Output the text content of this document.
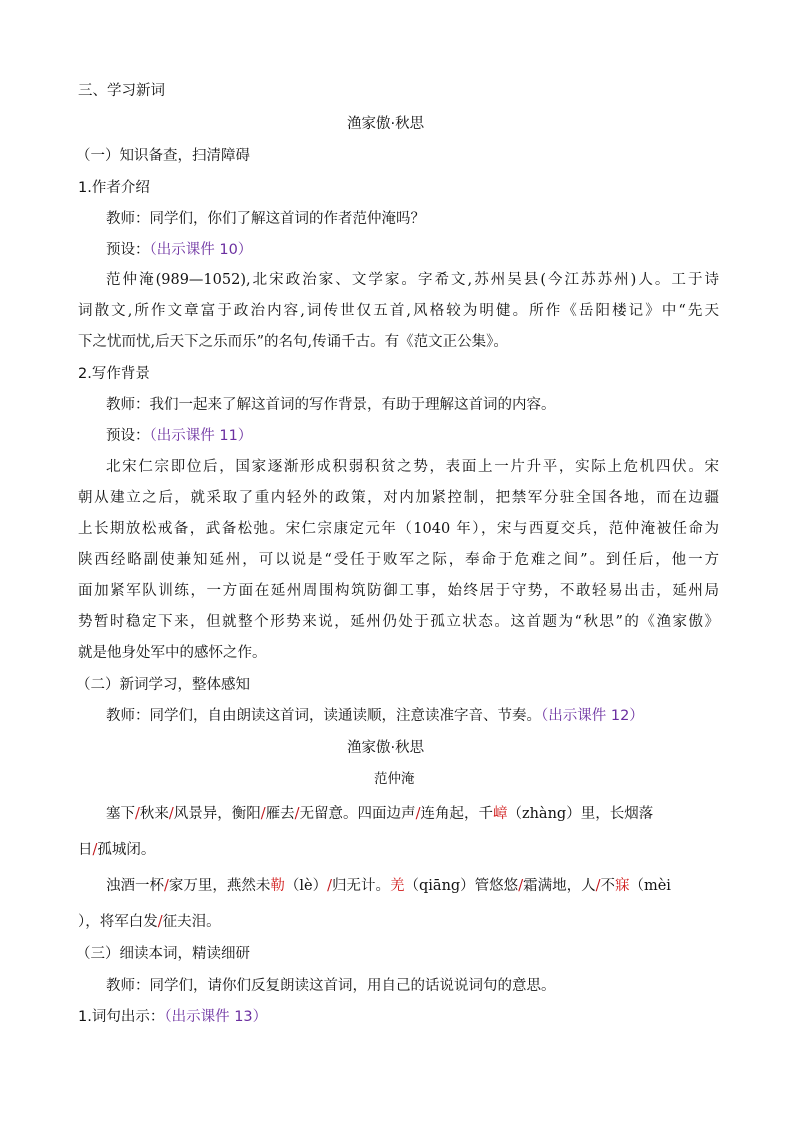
三、学习新词
渔家傲·秋思
（一）知识备查，扫清障碍
1.作者介绍
教师：同学们，你们了解这首词的作者范仲淹吗？
预设：（出示课件 10）
范仲淹(989—1052),北宋政治家、文学家。字希文,苏州吴县(今江苏苏州)人。工于诗
词散文,所作文章富于政治内容,词传世仅五首,风格较为明健。所作《岳阳楼记》中“先天
下之忧而忧,后天下之乐而乐”的名句,传诵千古。有《范文正公集》。
2.写作背景
教师：我们一起来了解这首词的写作背景，有助于理解这首词的内容。
预设：（出示课件 11）
北宋仁宗即位后，国家逐渐形成积弱积贫之势，表面上一片升平，实际上危机四伏。宋
朝从建立之后，就采取了重内轻外的政策，对内加紧控制，把禁军分驻全国各地，而在边疆
上长期放松戒备，武备松弛。宋仁宗康定元年（1040 年），宋与西夏交兵，范仲淹被任命为
陕西经略副使兼知延州，可以说是“受任于败军之际，奉命于危难之间”。到任后，他一方
面加紧军队训练，一方面在延州周围构筑防御工事，始终居于守势，不敢轻易出击，延州局
势暂时稳定下来，但就整个形势来说，延州仍处于孤立状态。这首题为“秋思”的《渔家傲》
就是他身处军中的感怀之作。
（二）新词学习，整体感知
教师：同学们，自由朗读这首词，读通读顺，注意读准字音、节奏。（出示课件 12）
渔家傲·秋思
范仲淹
塞下/秋来/风景异，衡阳/雁去/无留意。四面边声/连角起，千嶂（zhàng）里，长烟落
日/孤城闭。
浊酒一杯/家万里，燕然未勒（lè）/归无计。羌（qiāng）管悠悠/霜满地，人/不寐（mèi
），将军白发/征夫泪。
（三）细读本词，精读细研
教师：同学们，请你们反复朗读这首词，用自己的话说说词句的意思。
1.词句出示：（出示课件 13）
